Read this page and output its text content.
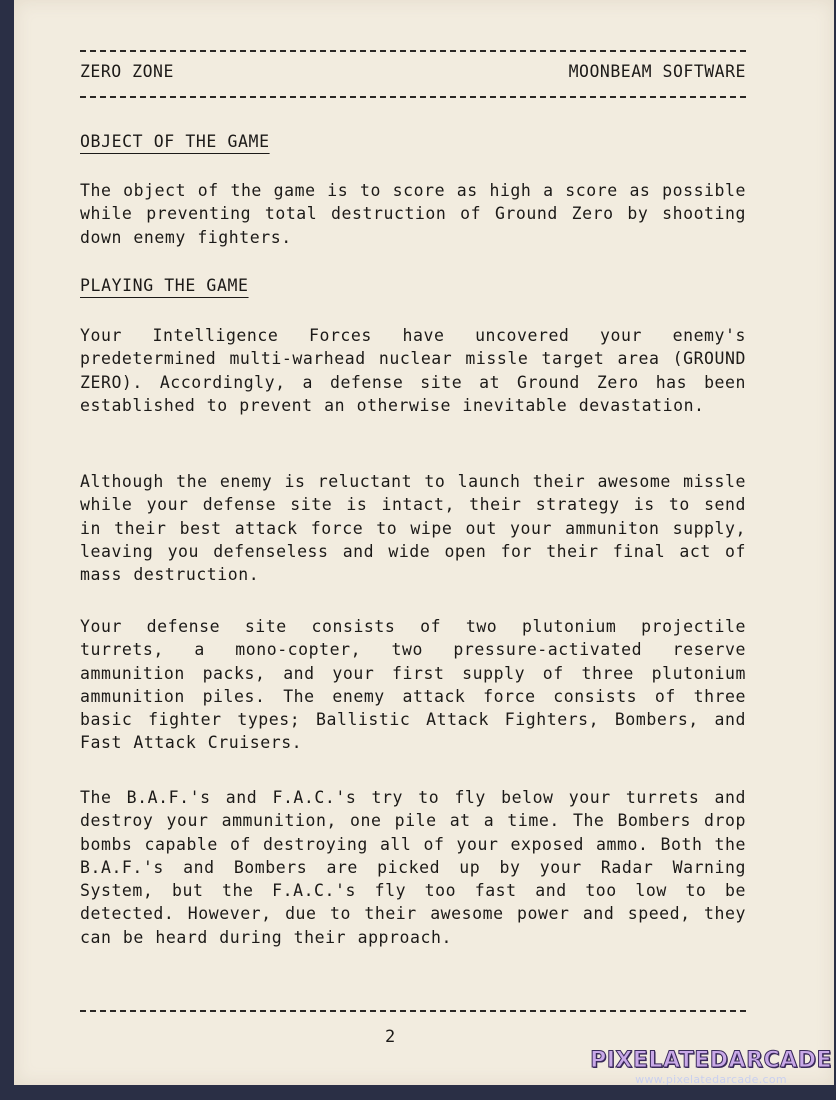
ZERO ZONE	MOONBEAM SOFTWARE
OBJECT OF THE GAME

The object of the game is to score as high a score as possible while preventing total destruction of Ground Zero by shooting down enemy fighters.

PLAYING THE GAME

Your Intelligence Forces have uncovered your enemy's predetermined multi-warhead nuclear missle target area (GROUND ZERO). Accordingly, a defense site at Ground Zero has been established to prevent an otherwise inevitable devastation.

Although the enemy is reluctant to launch their awesome missle while your defense site is intact, their strategy is to send in their best attack force to wipe out your ammuniton supply, leaving you defenseless and wide open for their final act of mass destruction.

Your defense site consists of two plutonium projectile turrets, a mono-copter, two pressure-activated reserve ammunition packs, and your first supply of three plutonium ammunition piles. The enemy attack force consists of three basic fighter types; Ballistic Attack Fighters, Bombers, and Fast Attack Cruisers.

The B.A.F.'s and F.A.C.'s try to fly below your turrets and destroy your ammunition, one pile at a time. The Bombers drop bombs capable of destroying all of your exposed ammo. Both the B.A.F.'s and Bombers are picked up by your Radar Warning System, but the F.A.C.'s fly too fast and too low to be detected. However, due to their awesome power and speed, they can be heard during their approach.

2
PIXELATEDARCADE
www.pixelatedarcade.com
